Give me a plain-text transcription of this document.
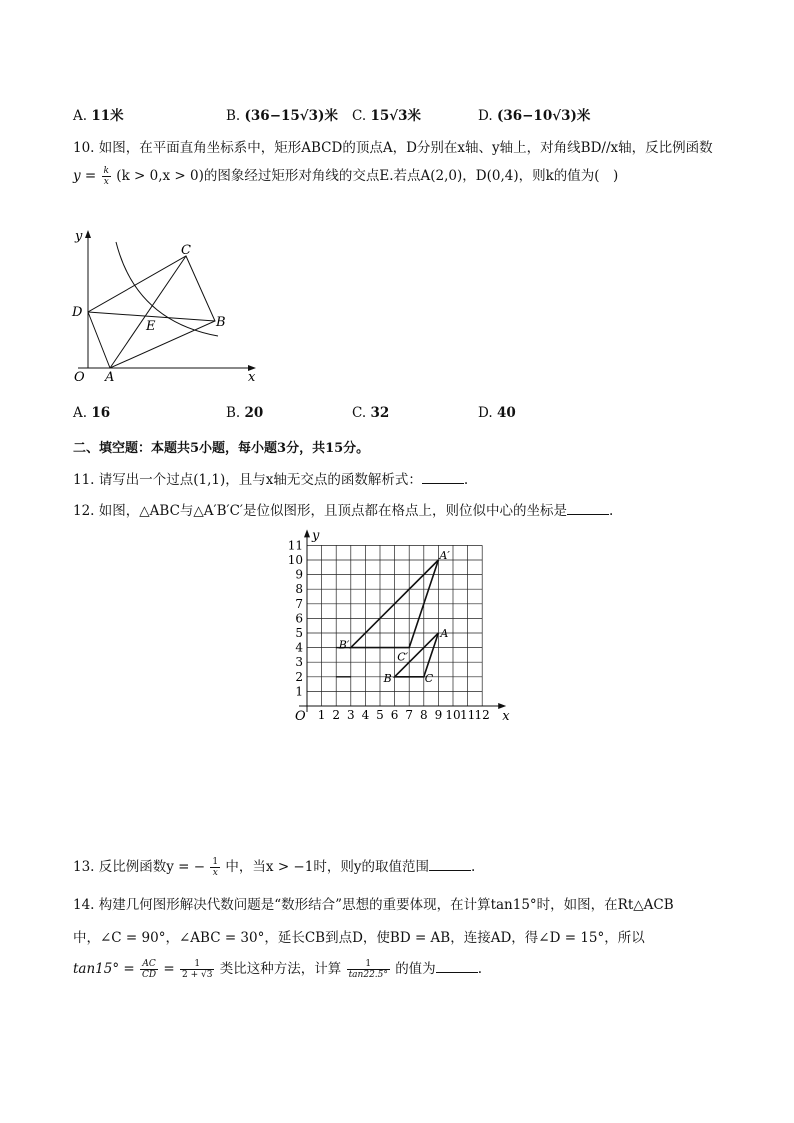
A. 11米	B. (36−15√3)米 C. 15√3米	D. (36−10√3)米
10. 如图，在平面直角坐标系中，矩形ABCD的顶点A，D分别在x轴、y轴上，对角线BD//x轴，反比例函数
$y = \frac{k}{x} (k > 0,x > 0)$的图象经过矩形对角线的交点E.若点A(2,0)，D(0,4)，则k的值为(　)
y
x
O A
B
C
D
E
A. 16	B. 20	C. 32	D. 40
二、填空题：本题共5小题，每小题3分，共15分。
11. 请写出一个过点(1,1)，且与x轴无交点的函数解析式：	.
12. 如图，△ABC与△A′B′C′是位似图形，且顶点都在格点上，则位似中心的坐标是	.
1 2 3 4 5 6 7 8 9 10 11 12
1
2
3
4
5
6
7
8
9
10
11
O
y
x
A′
B′
C′
A
B	C
13. 反比例函数y = − $\frac{1}{x}$ 中，当x > −1时，则y的取值范围	.
14. 构建几何图形解决代数问题是“数形结合”思想的重要体现，在计算tan15°时，如图，在Rt△ACB
中，∠C = 90°，∠ABC = 30°，延长CB到点D，使BD = AB，连接AD，得∠D = 15°，所以
$\tan 15^\circ = \frac{AC}{CD} = \frac{1}{2 + √3}$ 类比这种方法，计算 $\frac{1}{\tan 22.5^\circ}$ 的值为	.
